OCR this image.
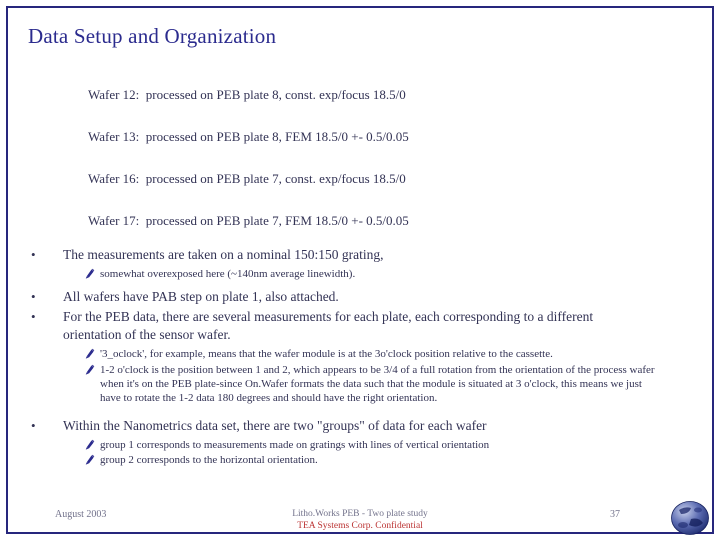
Data Setup and Organization
Wafer 12:  processed on PEB plate 8, const. exp/focus 18.5/0
Wafer 13:  processed on PEB plate 8, FEM 18.5/0 +- 0.5/0.05
Wafer 16:  processed on PEB plate 7, const. exp/focus 18.5/0
Wafer 17:  processed on PEB plate 7, FEM 18.5/0 +- 0.5/0.05
• The measurements are taken on a nominal 150:150 grating,
somewhat overexposed here (~140nm average linewidth).
• All wafers have PAB step on plate 1, also attached.
• For the PEB data, there are several measurements for each plate, each corresponding to a different orientation of the sensor wafer.
'3_oclock', for example, means that the wafer module is at the 3o'clock position relative to the cassette.
1-2 o'clock is the position between 1 and 2, which appears to be 3/4 of a full rotation from the orientation of the process wafer when it's on the PEB plate-since On.Wafer formats the data such that the module is situated at 3 o'clock, this means we just have to rotate the 1-2 data 180 degrees and should have the right orientation.
• Within the Nanometrics data set, there are two "groups" of data for each wafer
group 1 corresponds to measurements made on gratings with lines of vertical orientation
group 2 corresponds to the horizontal orientation.
August 2003	Litho.Works PEB - Two plate study
TEA Systems Corp. Confidential
37
